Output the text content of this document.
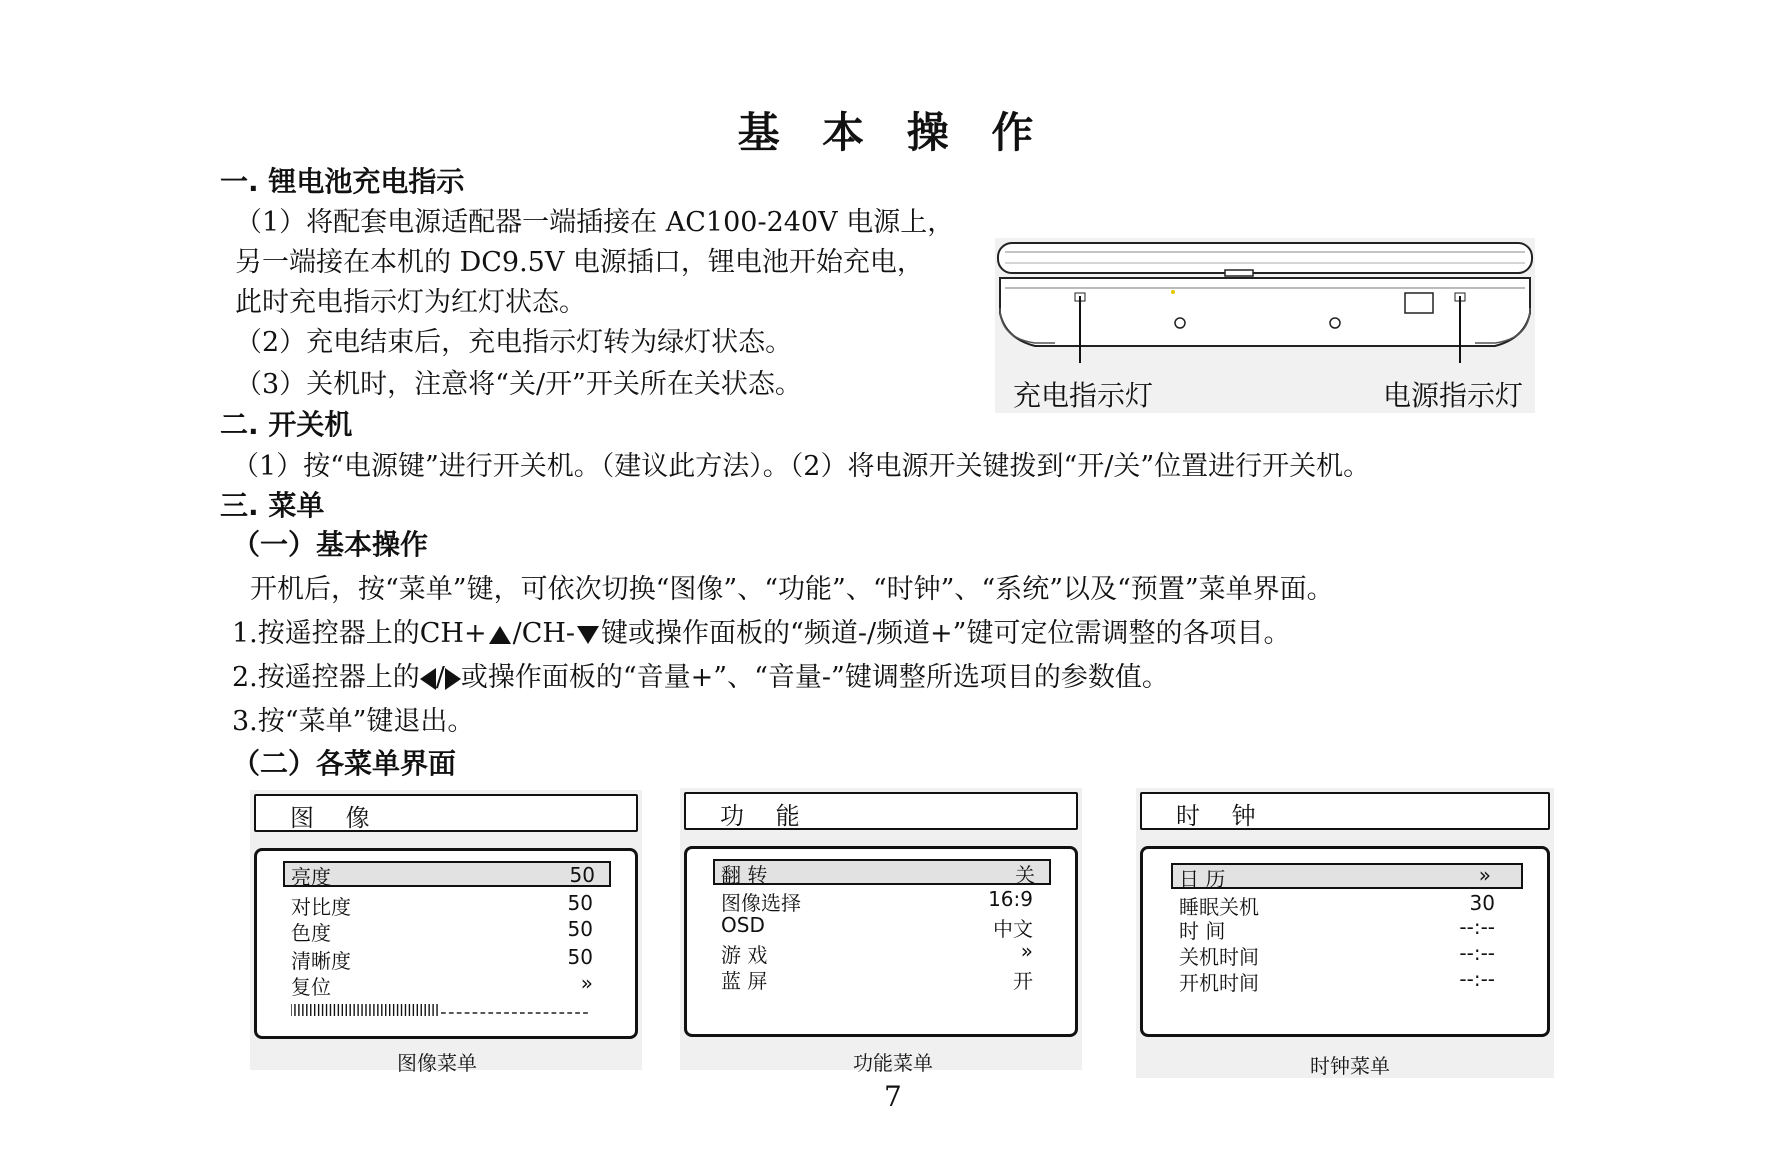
基 本 操 作
一. 锂电池充电指示
（1）将配套电源适配器一端插接在 AC100-240V 电源上，
另一端接在本机的 DC9.5V 电源插口，锂电池开始充电，
此时充电指示灯为红灯状态。
（2）充电结束后，充电指示灯转为绿灯状态。
（3）关机时，注意将“关/开”开关所在关状态。	充电指示灯	电源指示灯
二. 开关机
（1）按“电源键”进行开关机。（建议此方法）。（2）将电源开关键拨到“开/关”位置进行开关机。
三. 菜单
（一）基本操作
开机后，按“菜单”键，可依次切换“图像”、“功能”、“时钟”、“系统”以及“预置”菜单界面。
1.按遥控器上的CH+ /CH- 键或操作面板的“频道-/频道+”键可定位需调整的各项目。
2.按遥控器上的 / 或操作面板的“音量+”、“音量-”键调整所选项目的参数值。
3.按“菜单”键退出。
（二）各菜单界面
图 像
亮度	50
对比度	50
色度	50
清晰度	50
复位	»
图像菜单
功 能
翻 转	关
图像选择	16:9
OSD	中文
游 戏	»
蓝 屏	开
功能菜单
时 钟
日 历	»
睡眠关机	30
时 间	--:--
关机时间	--:--
开机时间	--:--
时钟菜单
7
